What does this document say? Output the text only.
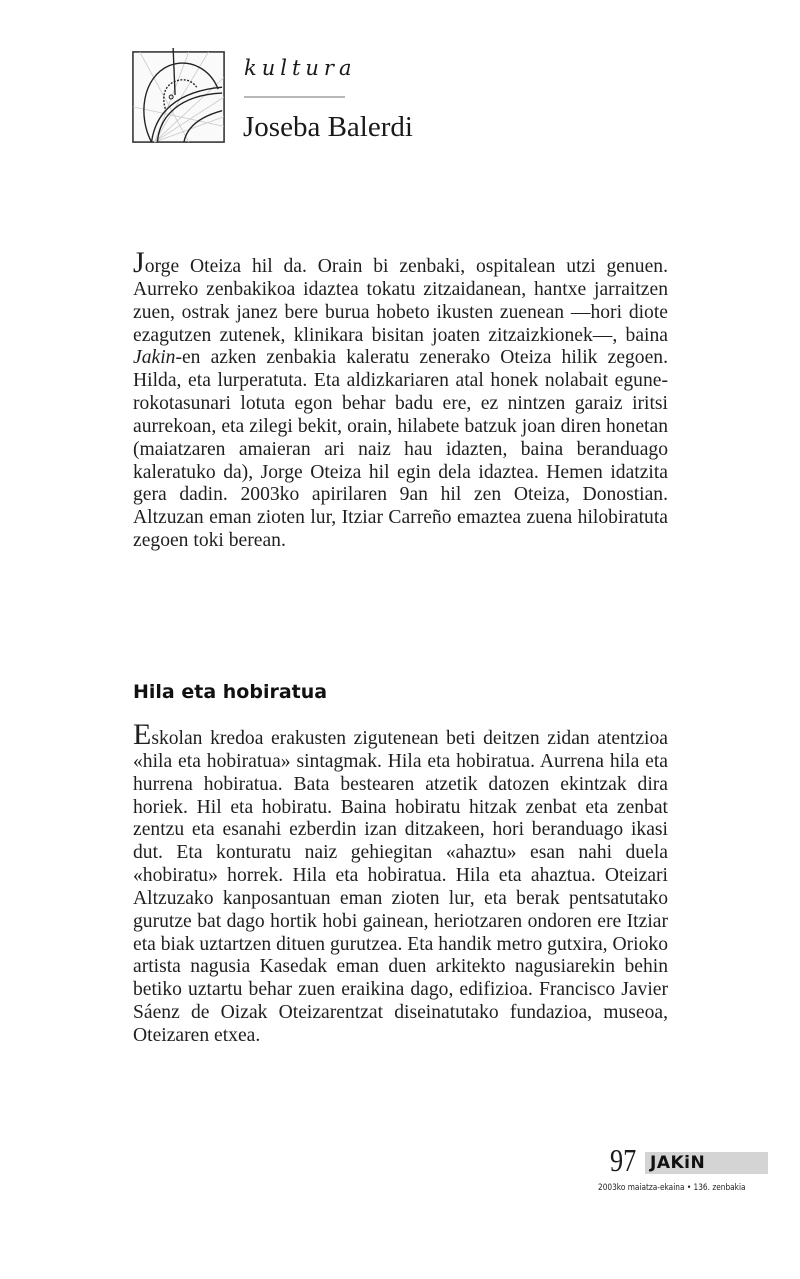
kultura
Joseba Balerdi

Jorge Oteiza hil da. Orain bi zenbaki, ospitalean utzi genuen. Aurreko zenbakikoa idaztea tokatu zitzaidanean, hantxe jarraitzen zuen, ostrak janez bere burua hobeto ikusten zuenean —hori diote ezagutzen zutenek, klinikara bisitan joaten zitzaizkionek—, baina Jakin-en azken zenbakia kaleratu zenerako Oteiza hilik zegoen. Hilda, eta lurperatuta. Eta aldizkariaren atal honek nolabait egunerokotasunari lotuta egon behar badu ere, ez nintzen garaiz iritsi aurrekoan, eta zilegi bekit, orain, hilabete batzuk joan diren honetan (maiatzaren amaieran ari naiz hau idazten, baina beranduago kaleratuko da), Jorge Oteiza hil egin dela idaztea. Hemen idatzita gera dadin. 2003ko apirilaren 9an hil zen Oteiza, Donostian. Altzuzan eman zioten lur, Itziar Carreño emaztea zuena hilobiratuta zegoen toki berean.

Hila eta hobiratua

Eskolan kredoa erakusten zigutenean beti deitzen zidan atentzioa «hila eta hobiratua» sintagmak. Hila eta hobiratua. Aurrena hila eta hurrena hobiratua. Bata bestearen atzetik datozen ekintzak dira horiek. Hil eta hobiratu. Baina hobiratu hitzak zenbat eta zenbat zentzu eta esanahi ezberdin izan ditzakeen, hori beranduago ikasi dut. Eta konturatu naiz gehiegitan «ahaztu» esan nahi duela «hobiratu» horrek. Hila eta hobiratua. Hila eta ahaztua. Oteizari Altzuzako kanposantuan eman zioten lur, eta berak pentsatutako gurutze bat dago hortik hobi gainean, heriotzaren ondoren ere Itziar eta biak uztartzen dituen gurutzea. Eta handik metro gutxira, Orioko artista nagusia Kasedak eman duen arkitekto nagusiarekin behin betiko uztartu behar zuen eraikina dago, edifizioa. Francisco Javier Sáenz de Oizak Oteizarentzat diseinatutako fundazioa, museoa, Oteizaren etxea.

97 JAKiN
2003ko maiatza-ekaina • 136. zenbakia
